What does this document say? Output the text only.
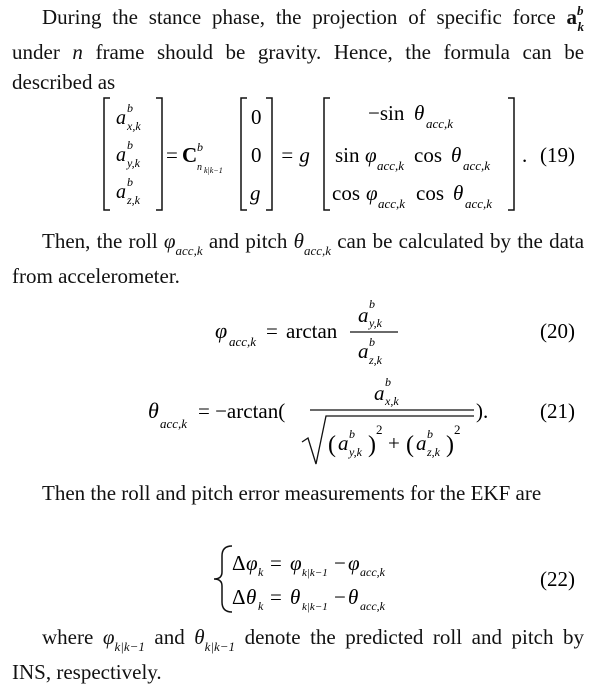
During the stance phase, the projection of specific force $a^b_k$ under n frame should be gravity. Hence, the formula can be described as
a b
x,k
a b
y,k
a b
z,k
= C b
n k|k−1
0
0
g
= g
−sin θ acc,k
sin φ acc,k cos θ acc,k
cos φ acc,k cos θ acc,k
. (19)
Then, the roll $\varphi_{acc,k}$ and pitch $\theta_{acc,k}$ can be calculated by the data from accelerometer.
φ acc,k = arctan
a b
y,k
a b
z,k
(20)
θ
acc,k
= −arctan(
a b
x,k
( a b
y,k )
2
+ ( a b
z,k )
2
). (21)
Then the roll and pitch error measurements for the EKF are
Δ φ k = φ k|k−1 − φ acc,k
Δ θ k = θ k|k−1 − θ acc,k
(22)
where $\varphi_{k|k-1}$ and $\theta_{k|k-1}$ denote the predicted roll and pitch by INS, respectively.
